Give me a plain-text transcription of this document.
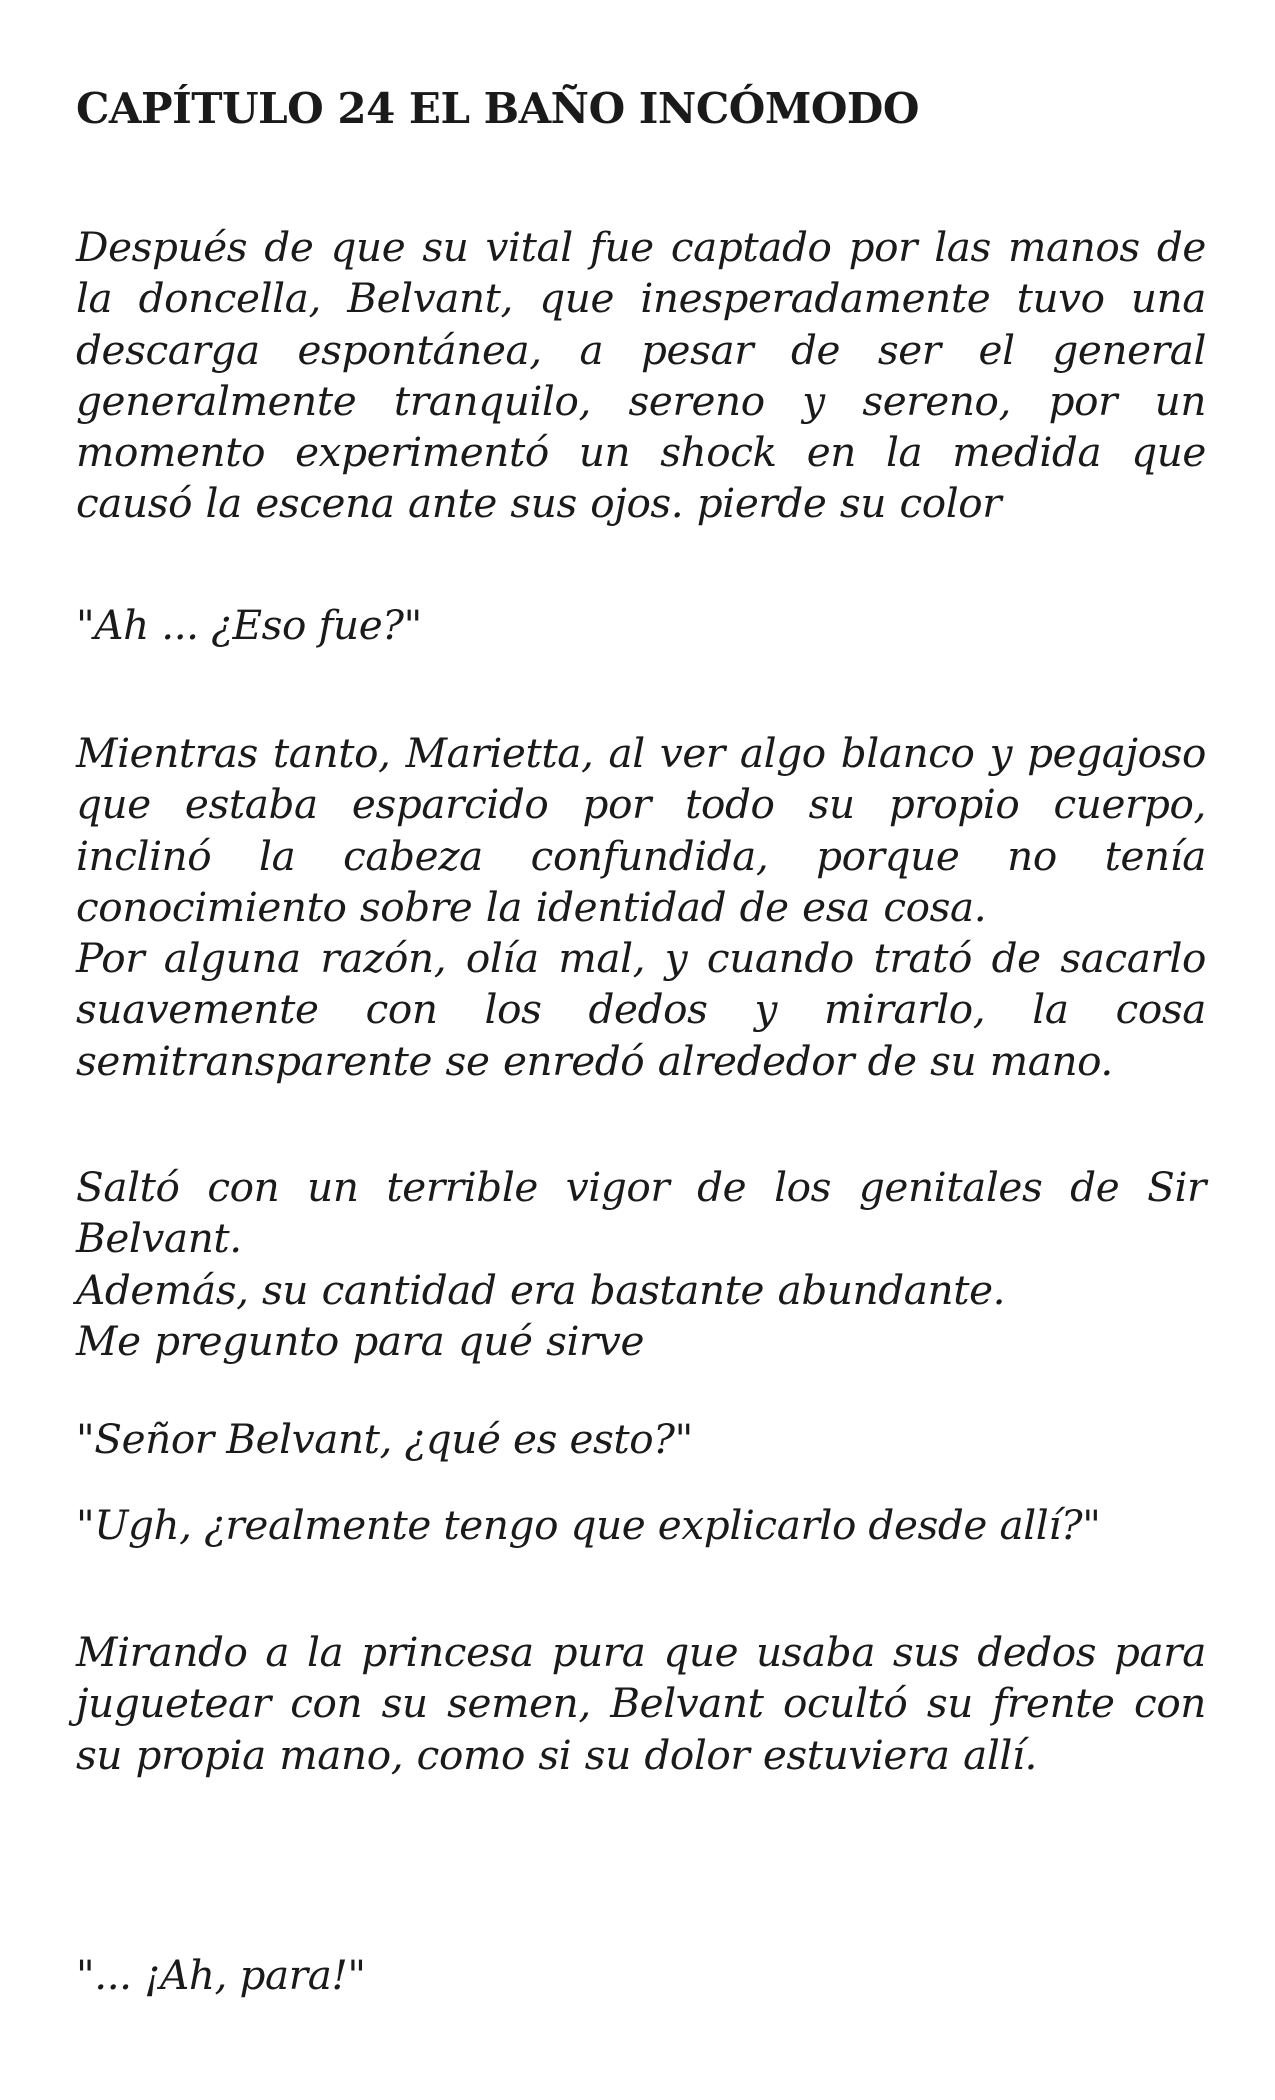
CAPÍTULO 24 EL BAÑO INCÓMODO

Después de que su vital fue captado por las manos de la doncella, Belvant, que inesperadamente tuvo una descarga espontánea, a pesar de ser el general generalmente tranquilo, sereno y sereno, por un momento experimentó un shock en la medida que causó la escena ante sus ojos. pierde su color

"Ah ... ¿Eso fue?"

Mientras tanto, Marietta, al ver algo blanco y pegajoso que estaba esparcido por todo su propio cuerpo, inclinó la cabeza confundida, porque no tenía conocimiento sobre la identidad de esa cosa.
Por alguna razón, olía mal, y cuando trató de sacarlo suavemente con los dedos y mirarlo, la cosa semitransparente se enredó alrededor de su mano.
Saltó con un terrible vigor de los genitales de Sir Belvant.
Además, su cantidad era bastante abundante.
Me pregunto para qué sirve

"Señor Belvant, ¿qué es esto?"

"Ugh, ¿realmente tengo que explicarlo desde allí?"

Mirando a la princesa pura que usaba sus dedos para juguetear con su semen, Belvant ocultó su frente con su propia mano, como si su dolor estuviera allí.

"... ¡Ah, para!"
